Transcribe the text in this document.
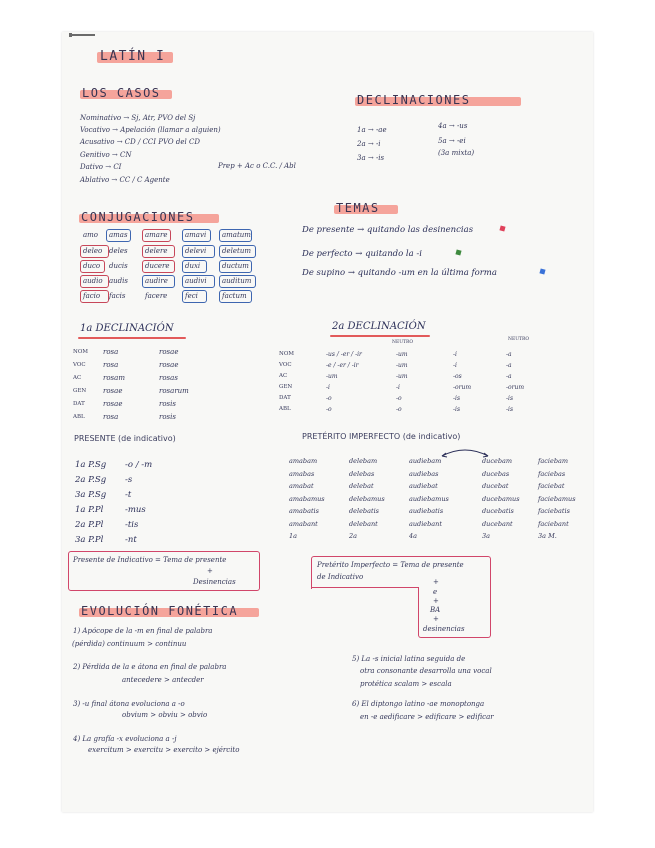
LATÍN I
LOS CASOS
Nominativo → Sj, Atr, PVO del Sj
Vocativo → Apelación (llamar a alguien)
Acusativo → CD / CCI PVO del CD
Genitivo → CN
Dativo → CI
Ablativo → CC / C Agente
Prep + Ac o C.C. / Abl
DECLINACIONES
1a → -ae
2a → -i
3a → -is
4a → -us
5a → -ei
(3a mixta)
CONJUGACIONES
TEMAS
De presente → quitando las desinencias
De perfecto → quitando la -i
De supino → quitando -um en la última forma
1a DECLINACIÓN	2a DECLINACIÓN
NEUTRO
NEUTRO
PRESENTE (de indicativo)
Presente de Indicativo = Tema de presente
+
Desinencias
PRETÉRITO IMPERFECTO (de indicativo)
Pretérito Imperfecto = Tema de presente
de Indicativo
+
e
+
BA
+
desinencias
EVOLUCIÓN FONÉTICA
amo amas amare	amavi amatum
deleo deles delere	delevi deletum
duco ducis ducere duxi	ductum
audio audis audire audivi auditum
facio facis	facere	feci	factum
NOM rosa	rosae
VOC rosa	rosae
AC	rosam	rosas
GEN rosae	rosarum
DAT	rosae	rosis
ABL	rosa	rosis
NOM	-us / -er / -ir	-um	-i	-a
VOC	-e / -er / -ir	-um	-i	-a
AC	-um	-um	-os	-a
GEN	-i	-i	-orum	-orum
DAT	-o	-o	-is	-is
ABL	-o	-o	-is	-is
1a P.Sg -o / -m
2a P.Sg -s
3a P.Sg -t
1a P.Pl	-mus
2a P.Pl	-tis
3a P.Pl	-nt
amabam	delebam	audiebam	ducebam	faciebam
amabas	delebas	audiebas	ducebas	faciebas
amabat	delebat	audiebat	ducebat	faciebat
amabamus	delebamus	audiebamus	ducebamus	faciebamus
amabatis	delebatis	audiebatis	ducebatis	faciebatis
amabant	delebant	audiebant	ducebant	faciebant
1a	2a	4a	3a	3a M.
1) Apócope de la -m en final de palabra
(pérdida) continuum > continuu
2) Pérdida de la e átona en final de palabra
antecedere > antecder
3) -u final átona evoluciona a -o
obvium > obviu > obvio
4) La grafía -x evoluciona a -j
exercitum > exercitu > exercito > ejército
5) La -s inicial latina seguida de
otra consonante desarrolla una vocal
protética scalam > escala
6) El diptongo latino -ae monoptonga
en -e aedificare > edificare > edificar
